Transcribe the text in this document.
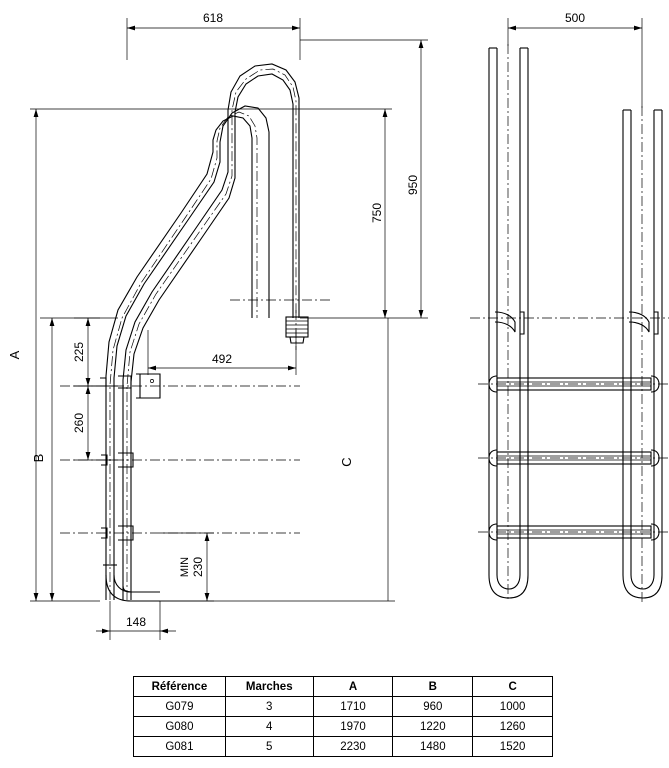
618
950
750
A
B
225
260
492
230
MIN
148
C
500
Référence	Marches	A	B	C
G079	3	1710	960	1000
G080	4	1970	1220	1260
G081	5	2230	1480	1520
